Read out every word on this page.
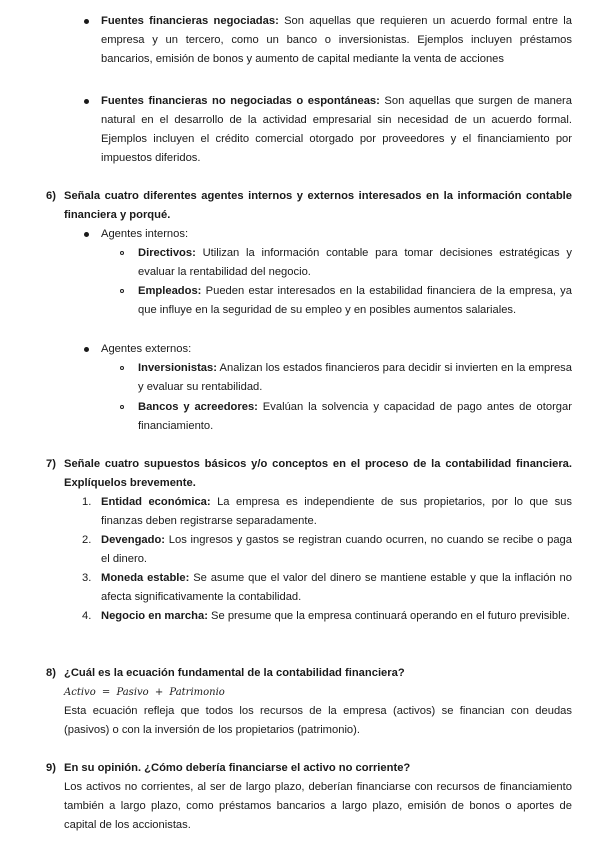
Fuentes financieras negociadas: Son aquellas que requieren un acuerdo formal entre la empresa y un tercero, como un banco o inversionistas. Ejemplos incluyen préstamos bancarios, emisión de bonos y aumento de capital mediante la venta de acciones

Fuentes financieras no negociadas o espontáneas: Son aquellas que surgen de manera natural en el desarrollo de la actividad empresarial sin necesidad de un acuerdo formal. Ejemplos incluyen el crédito comercial otorgado por proveedores y el financiamiento por impuestos diferidos.

6) Señala cuatro diferentes agentes internos y externos interesados en la información contable financiera y porqué.

Agentes internos:

Directivos: Utilizan la información contable para tomar decisiones estratégicas y evaluar la rentabilidad del negocio.

Empleados: Pueden estar interesados en la estabilidad financiera de la empresa, ya que influye en la seguridad de su empleo y en posibles aumentos salariales.

Agentes externos:

Inversionistas: Analizan los estados financieros para decidir si invierten en la empresa y evaluar su rentabilidad.

Bancos y acreedores: Evalúan la solvencia y capacidad de pago antes de otorgar financiamiento.

7) Señale cuatro supuestos básicos y/o conceptos en el proceso de la contabilidad financiera. Explíquelos brevemente.

1. Entidad económica: La empresa es independiente de sus propietarios, por lo que sus finanzas deben registrarse separadamente.

2. Devengado: Los ingresos y gastos se registran cuando ocurren, no cuando se recibe o paga el dinero.

3. Moneda estable: Se asume que el valor del dinero se mantiene estable y que la inflación no afecta significativamente la contabilidad.

4. Negocio en marcha: Se presume que la empresa continuará operando en el futuro previsible.

8) ¿Cuál es la ecuación fundamental de la contabilidad financiera?

Activo = Pasivo + Patrimonio

Esta ecuación refleja que todos los recursos de la empresa (activos) se financian con deudas (pasivos) o con la inversión de los propietarios (patrimonio).

9) En su opinión. ¿Cómo debería financiarse el activo no corriente?

Los activos no corrientes, al ser de largo plazo, deberían financiarse con recursos de financiamiento también a largo plazo, como préstamos bancarios a largo plazo, emisión de bonos o aportes de capital de los accionistas.
